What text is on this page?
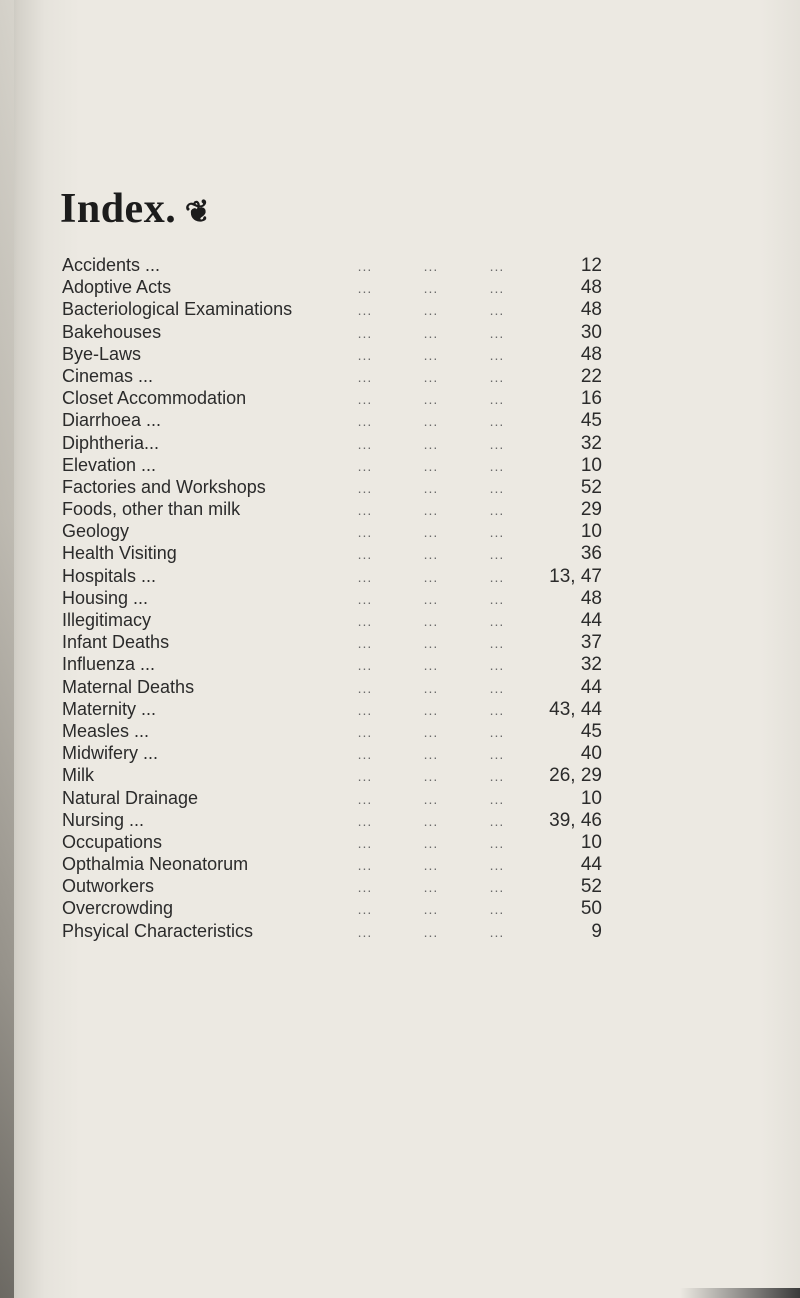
Index. ❦
Accidents ...	...	...	...	12
Adoptive Acts	...	...	...	48
Bacteriological Examinations	...	...	...	48
Bakehouses	...	...	...	30
Bye-Laws	...	...	...	48
Cinemas ...	...	...	...	22
Closet Accommodation	...	...	...	16
Diarrhoea ...	...	...	...	45
Diphtheria...	...	...	...	32
Elevation ...	...	...	...	10
Factories and Workshops	...	...	...	52
Foods, other than milk	...	...	...	29
Geology	...	...	...	10
Health Visiting	...	...	...	36
Hospitals ...	...	...	...	13, 47
Housing ...	...	...	...	48
Illegitimacy	...	...	...	44
Infant Deaths	...	...	...	37
Influenza ...	...	...	...	32
Maternal Deaths	...	...	...	44
Maternity ...	...	...	...	43, 44
Measles ...	...	...	...	45
Midwifery ...	...	...	...	40
Milk	...	...	...	26, 29
Natural Drainage	...	...	...	10
Nursing ...	...	...	...	39, 46
Occupations	...	...	...	10
Opthalmia Neonatorum	...	...	...	44
Outworkers	...	...	...	52
Overcrowding	...	...	...	50
Phsyical Characteristics	...	...	...	9
